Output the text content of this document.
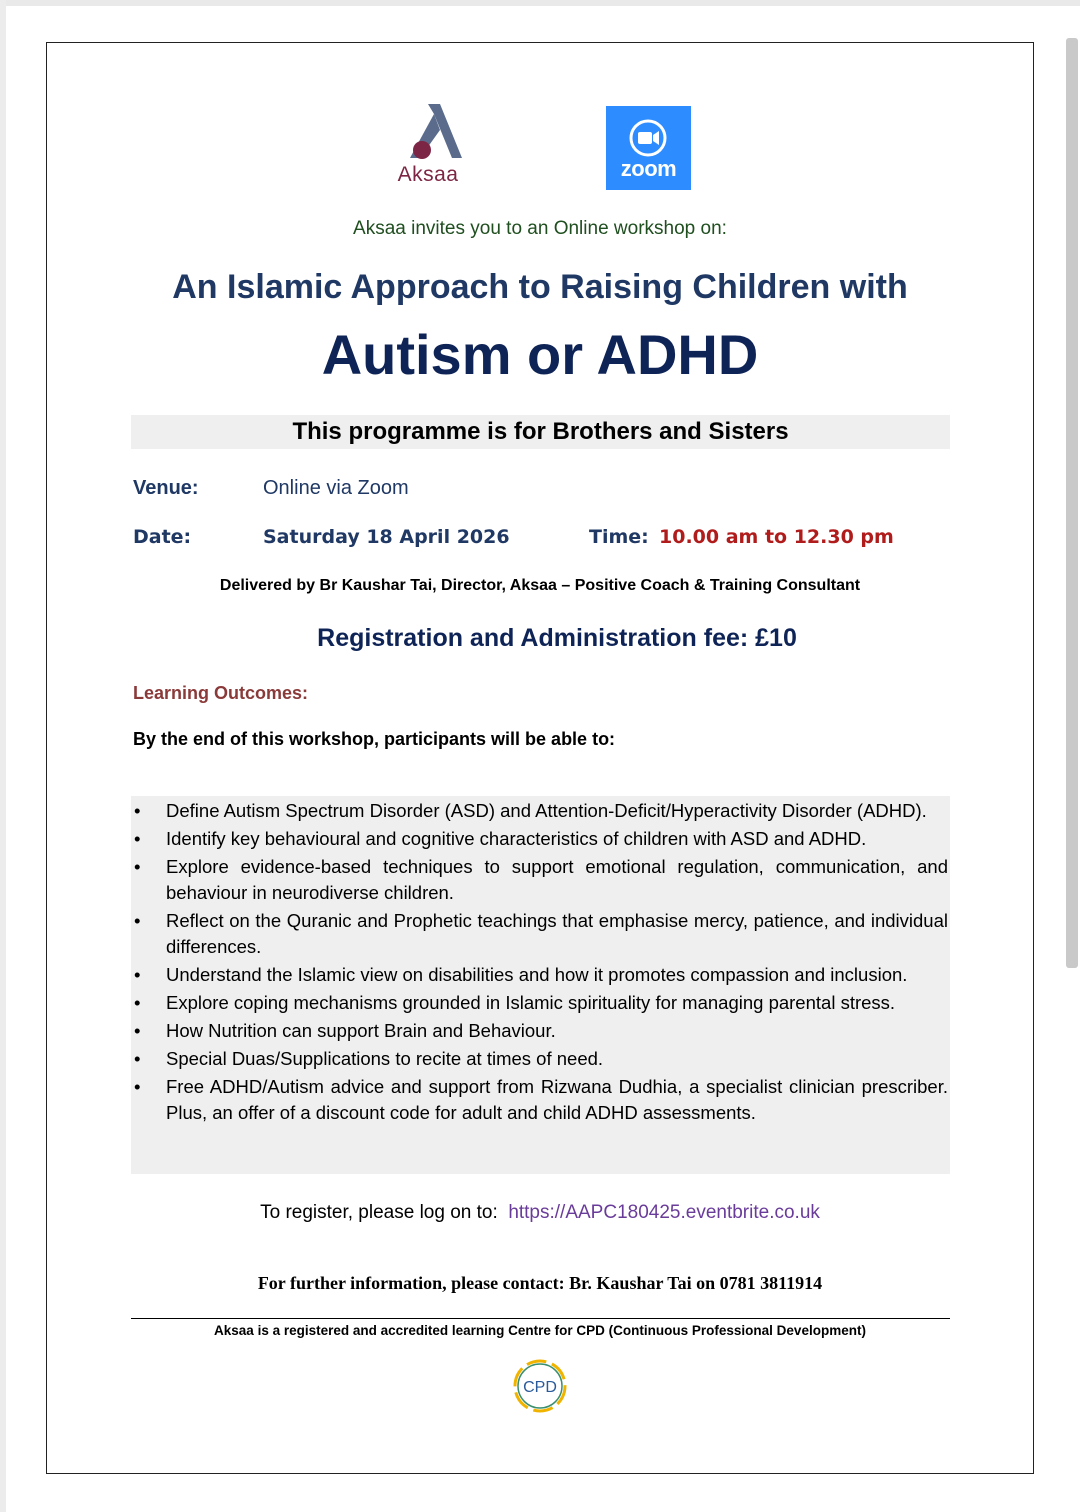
Aksaa	zoom
Aksaa invites you to an Online workshop on:
An Islamic Approach to Raising Children with
Autism or ADHD
This programme is for Brothers and Sisters
Venue:	Online via Zoom
Date:	Saturday 18 April 2026	Time: 10.00 am to 12.30 pm
Delivered by Br Kaushar Tai, Director, Aksaa – Positive Coach & Training Consultant
Registration and Administration fee: £10
Learning Outcomes:
By the end of this workshop, participants will be able to:
• Define Autism Spectrum Disorder (ASD) and Attention-Deficit/Hyperactivity Disorder (ADHD).
• Identify key behavioural and cognitive characteristics of children with ASD and ADHD.
• Explore evidence-based techniques to support emotional regulation, communication, and behaviour in neurodiverse children.
• Reflect on the Quranic and Prophetic teachings that emphasise mercy, patience, and individual differences.
• Understand the Islamic view on disabilities and how it promotes compassion and inclusion.
• Explore coping mechanisms grounded in Islamic spirituality for managing parental stress.
• How Nutrition can support Brain and Behaviour.
• Special Duas/Supplications to recite at times of need.
• Free ADHD/Autism advice and support from Rizwana Dudhia, a specialist clinician prescriber. Plus, an offer of a discount code for adult and child ADHD assessments.
To register, please log on to: https://AAPC180425.eventbrite.co.uk
For further information, please contact: Br. Kaushar Tai on 0781 3811914
Aksaa is a registered and accredited learning Centre for CPD (Continuous Professional Development)
CPD
